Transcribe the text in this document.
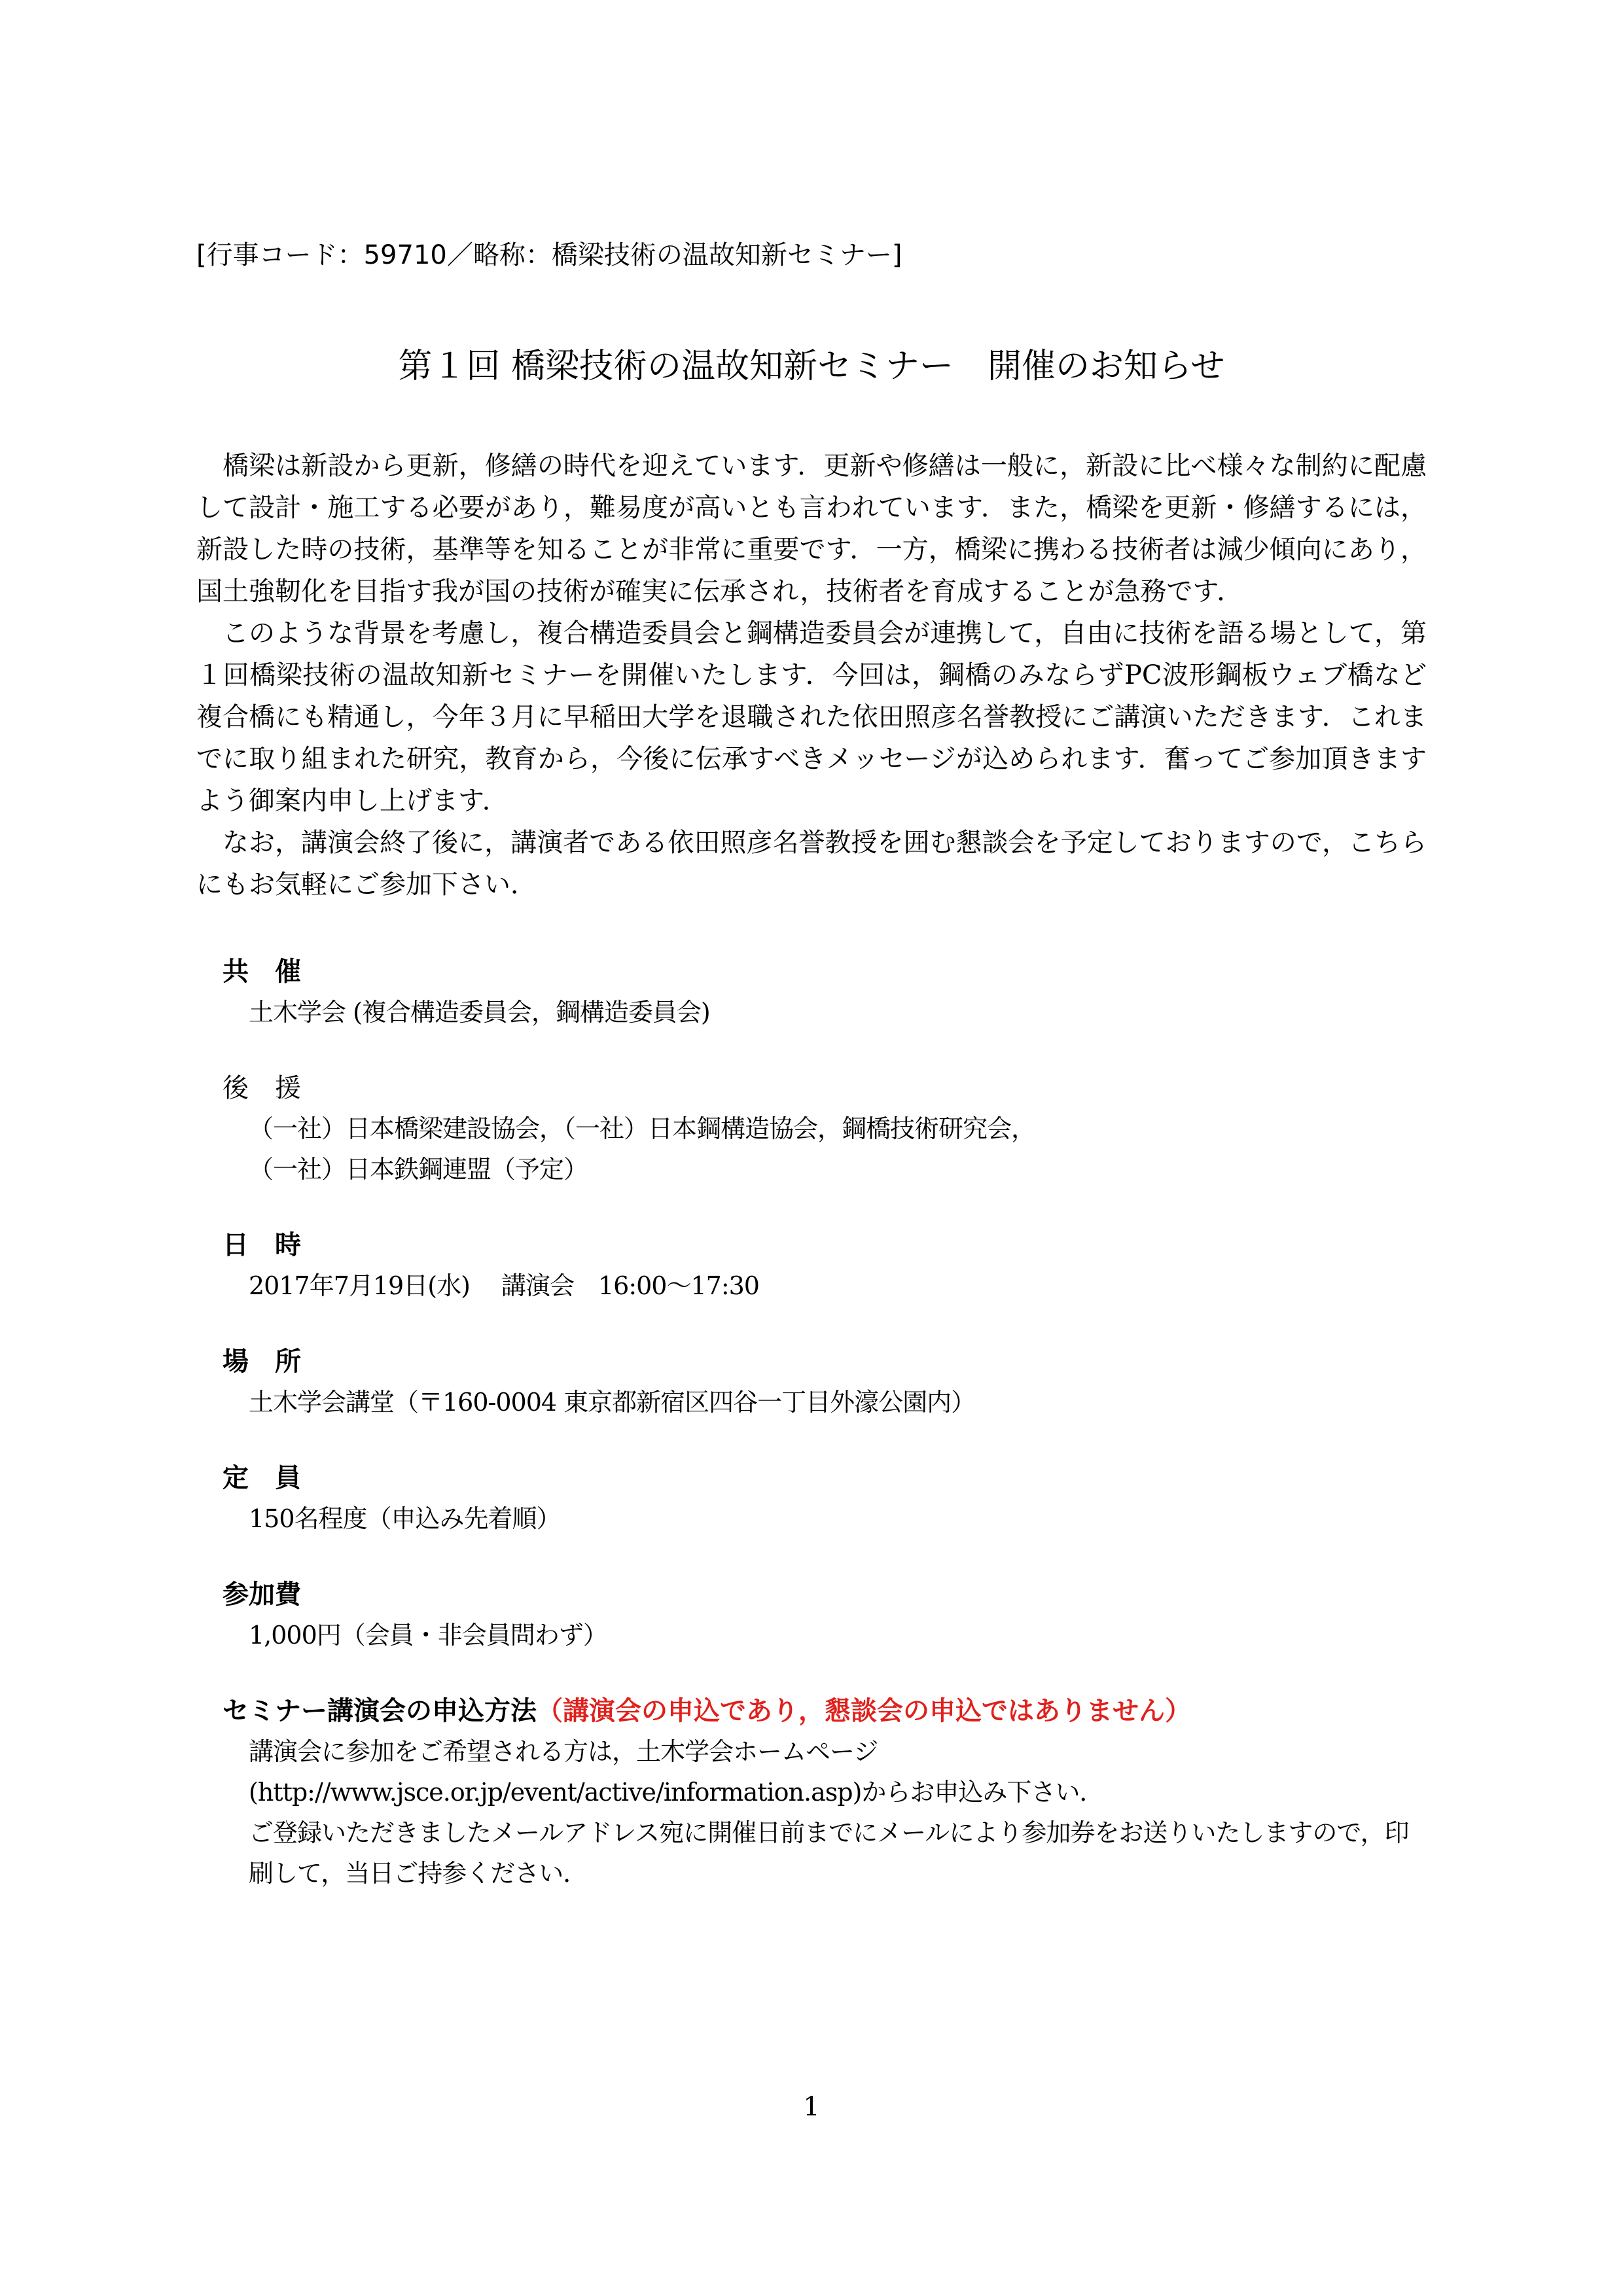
[行事コード：59710／略称：橋梁技術の温故知新セミナー]

第１回 橋梁技術の温故知新セミナー　開催のお知らせ

橋梁は新設から更新，修繕の時代を迎えています．更新や修繕は一般に，新設に比べ様々な制約に配慮して設計・施工する必要があり，難易度が高いとも言われています．また，橋梁を更新・修繕するには，新設した時の技術，基準等を知ることが非常に重要です．一方，橋梁に携わる技術者は減少傾向にあり，国土強靭化を目指す我が国の技術が確実に伝承され，技術者を育成することが急務です．

このような背景を考慮し，複合構造委員会と鋼構造委員会が連携して，自由に技術を語る場として，第１回橋梁技術の温故知新セミナーを開催いたします．今回は，鋼橋のみならずPC波形鋼板ウェブ橋など複合橋にも精通し，今年３月に早稲田大学を退職された依田照彦名誉教授にご講演いただきます．これまでに取り組まれた研究，教育から，今後に伝承すべきメッセージが込められます．奮ってご参加頂きますよう御案内申し上げます．

なお，講演会終了後に，講演者である依田照彦名誉教授を囲む懇談会を予定しておりますので，こちらにもお気軽にご参加下さい．

共　催
土木学会 (複合構造委員会，鋼構造委員会)
後　援
（一社）日本橋梁建設協会，（一社）日本鋼構造協会，鋼橋技術研究会，
（一社）日本鉄鋼連盟（予定）
日　時
2017年7月19日(水)　 講演会　16:00～17:30
場　所
土木学会講堂（〒160-0004 東京都新宿区四谷一丁目外濠公園内）
定　員
150名程度（申込み先着順）
参加費
1,000円（会員・非会員問わず）
セミナー講演会の申込方法（講演会の申込であり，懇談会の申込ではありません）
講演会に参加をご希望される方は，土木学会ホームページ
(http://www.jsce.or.jp/event/active/information.asp)からお申込み下さい．
ご登録いただきましたメールアドレス宛に開催日前までにメールにより参加券をお送りいたしますので，印刷して，当日ご持参ください．
1
